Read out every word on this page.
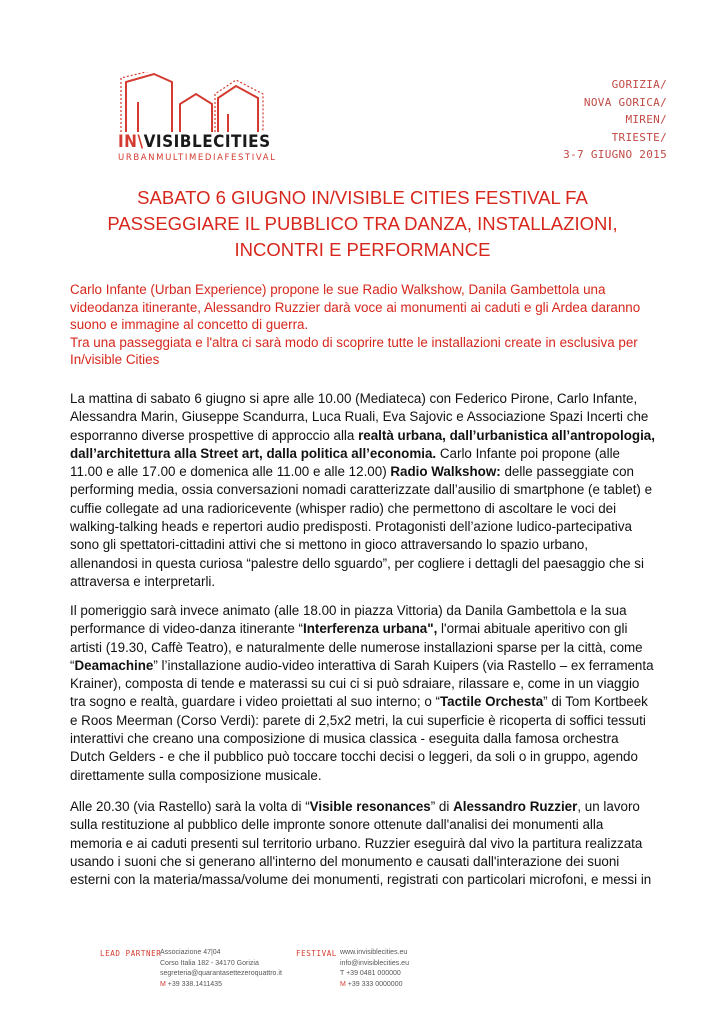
IN\VISIBLECITIES
URBANMULTIMEDIAFESTIVAL
GORIZIA/
NOVA GORICA/
MIREN/
TRIESTE/
3-7 GIUGNO 2015
SABATO 6 GIUGNO IN/VISIBLE CITIES FESTIVAL FA
PASSEGGIARE IL PUBBLICO TRA DANZA, INSTALLAZIONI,
INCONTRI E PERFORMANCE
Carlo Infante (Urban Experience) propone le sue Radio Walkshow, Danila Gambettola una
videodanza itinerante, Alessandro Ruzzier darà voce ai monumenti ai caduti e gli Ardea daranno
suono e immagine al concetto di guerra.
Tra una passeggiata e l'altra ci sarà modo di scoprire tutte le installazioni create in esclusiva per
In/visible Cities
La mattina di sabato 6 giugno si apre alle 10.00 (Mediateca) con Federico Pirone, Carlo Infante,
Alessandra Marin, Giuseppe Scandurra, Luca Ruali, Eva Sajovic e Associazione Spazi Incerti che
esporranno diverse prospettive di approccio alla realtà urbana, dall’urbanistica all’antropologia,
dall’architettura alla Street art, dalla politica all’economia. Carlo Infante poi propone (alle
11.00 e alle 17.00 e domenica alle 11.00 e alle 12.00) Radio Walkshow: delle passeggiate con
performing media, ossia conversazioni nomadi caratterizzate dall’ausilio di smartphone (e tablet) e
cuffie collegate ad una radioricevente (whisper radio) che permettono di ascoltare le voci dei
walking-talking heads e repertori audio predisposti. Protagonisti dell’azione ludico-partecipativa
sono gli spettatori-cittadini attivi che si mettono in gioco attraversando lo spazio urbano,
allenandosi in questa curiosa “palestre dello sguardo”, per cogliere i dettagli del paesaggio che si
attraversa e interpretarli.
Il pomeriggio sarà invece animato (alle 18.00 in piazza Vittoria) da Danila Gambettola e la sua
performance di video-danza itinerante “Interferenza urbana", l'ormai abituale aperitivo con gli
artisti (19.30, Caffè Teatro), e naturalmente delle numerose installazioni sparse per la città, come
“Deamachine” l’installazione audio-video interattiva di Sarah Kuipers (via Rastello – ex ferramenta
Krainer), composta di tende e materassi su cui ci si può sdraiare, rilassare e, come in un viaggio
tra sogno e realtà, guardare i video proiettati al suo interno; o “Tactile Orchesta” di Tom Kortbeek
e Roos Meerman (Corso Verdi): parete di 2,5x2 metri, la cui superficie è ricoperta di soffici tessuti
interattivi che creano una composizione di musica classica - eseguita dalla famosa orchestra
Dutch Gelders - e che il pubblico può toccare tocchi decisi o leggeri, da soli o in gruppo, agendo
direttamente sulla composizione musicale.
Alle 20.30 (via Rastello) sarà la volta di “Visible resonances” di Alessandro Ruzzier, un lavoro
sulla restituzione al pubblico delle impronte sonore ottenute dall'analisi dei monumenti alla
memoria e ai caduti presenti sul territorio urbano. Ruzzier eseguirà dal vivo la partitura realizzata
usando i suoni che si generano all'interno del monumento e causati dall'interazione dei suoni
esterni con la materia/massa/volume dei monumenti, registrati con particolari microfoni, e messi in
LEAD PARTNER
Associazione 47|04
Corso Italia 182 - 34170 Gorizia
segreteria@quarantasettezeroquattro.it
M +39 338.1411435
FESTIVAL www.invisiblecities.eu
info@invisiblecities.eu
T +39 0481 000000
M +39 333 0000000
